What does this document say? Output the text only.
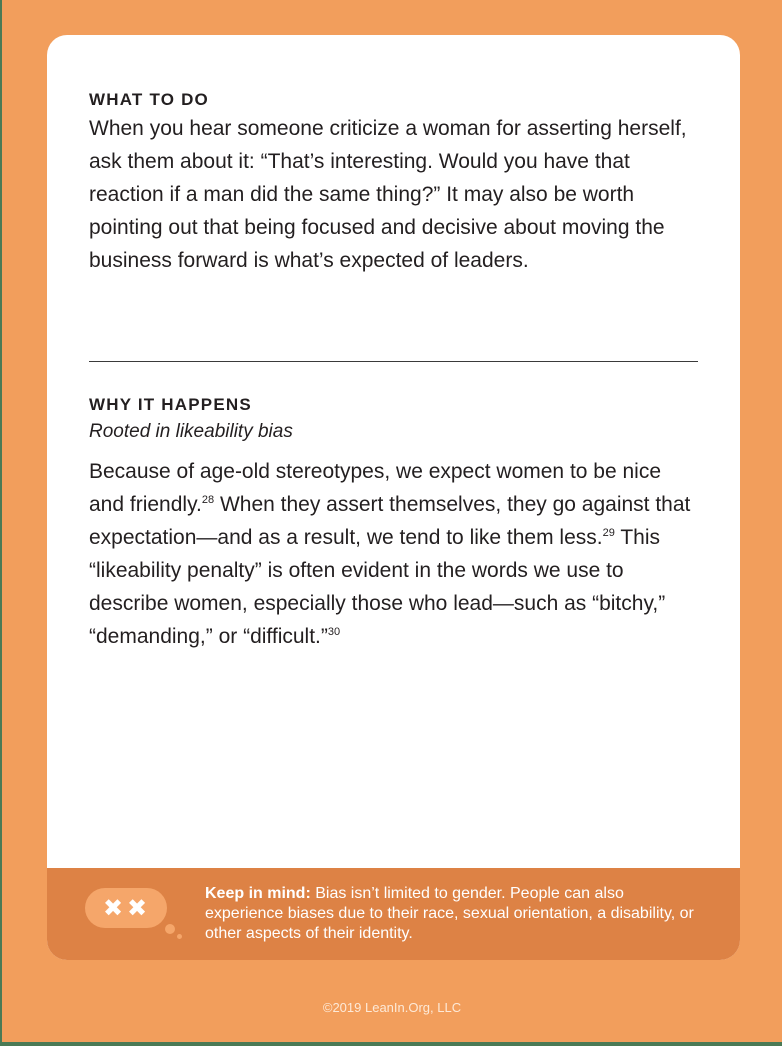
WHAT TO DO
When you hear someone criticize a woman for asserting herself, ask them about it: “That’s interesting. Would you have that reaction if a man did the same thing?” It may also be worth pointing out that being focused and decisive about moving the business forward is what’s expected of leaders.
WHY IT HAPPENS
Rooted in likeability bias
Because of age-old stereotypes, we expect women to be nice and friendly.$^{28}$ When they assert themselves, they go against that expectation—and as a result, we tend to like them less.$^{29}$ This “likeability penalty” is often evident in the words we use to describe women, especially those who lead—such as “bitchy,” “demanding,” or “difficult.”$^{30}$
✖ ✖
Keep in mind: Bias isn’t limited to gender. People can also experience biases due to their race, sexual orientation, a disability, or other aspects of their identity.
©2019 LeanIn.Org, LLC
